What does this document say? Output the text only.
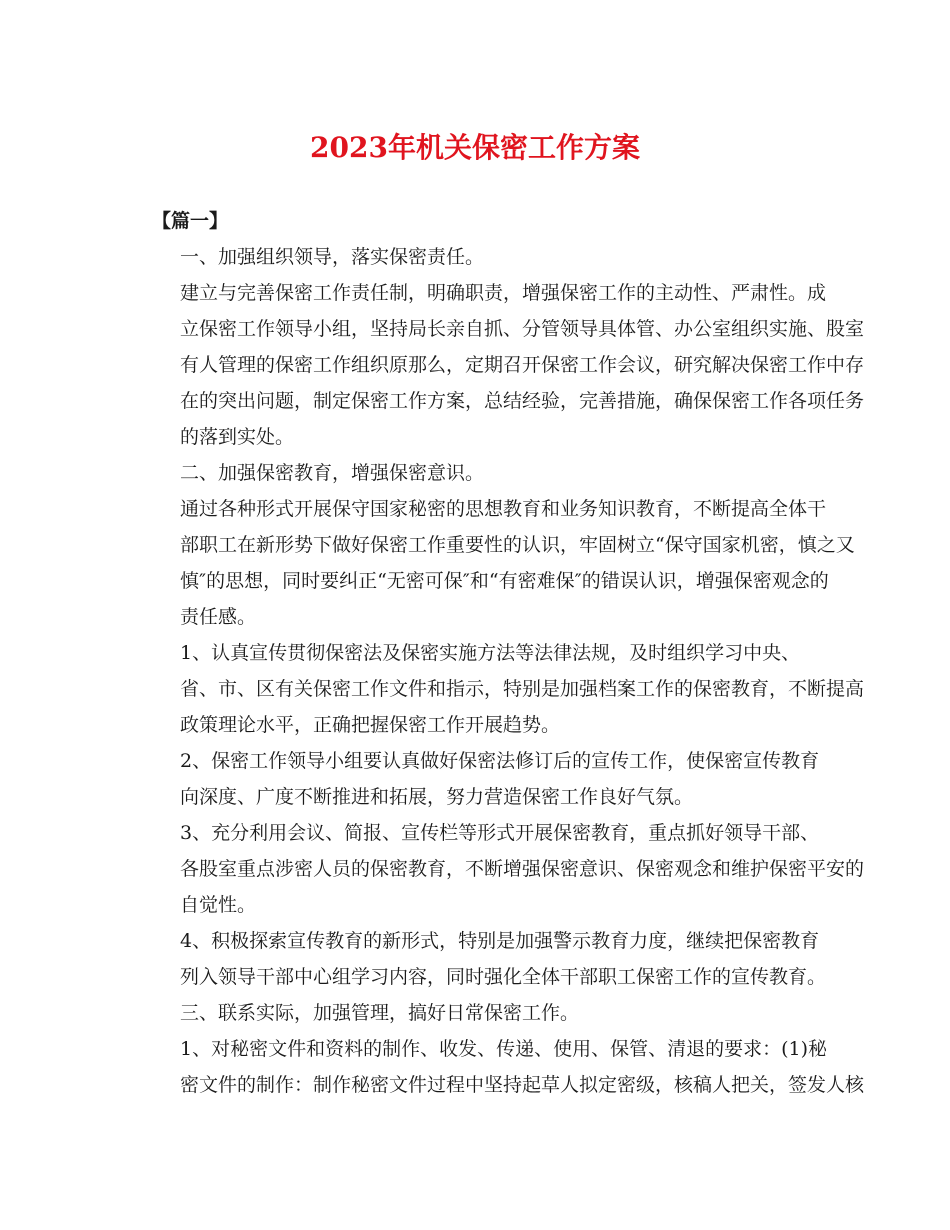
2023年机关保密工作方案

【篇一】

一、加强组织领导，落实保密责任。

建立与完善保密工作责任制，明确职责，增强保密工作的主动性、严肃性。成
立保密工作领导小组，坚持局长亲自抓、分管领导具体管、办公室组织实施、股室
有人管理的保密工作组织原那么，定期召开保密工作会议，研究解决保密工作中存
在的突出问题，制定保密工作方案，总结经验，完善措施，确保保密工作各项任务
的落到实处。

二、加强保密教育，增强保密意识。

通过各种形式开展保守国家秘密的思想教育和业务知识教育，不断提高全体干
部职工在新形势下做好保密工作重要性的认识，牢固树立“保守国家机密，慎之又
慎″的思想，同时要纠正“无密可保″和“有密难保″的错误认识，增强保密观念的
责任感。

1、认真宣传贯彻保密法及保密实施方法等法律法规，及时组织学习中央、
省、市、区有关保密工作文件和指示，特别是加强档案工作的保密教育，不断提高
政策理论水平，正确把握保密工作开展趋势。

2、保密工作领导小组要认真做好保密法修订后的宣传工作，使保密宣传教育
向深度、广度不断推进和拓展，努力营造保密工作良好气氛。

3、充分利用会议、简报、宣传栏等形式开展保密教育，重点抓好领导干部、
各股室重点涉密人员的保密教育，不断增强保密意识、保密观念和维护保密平安的
自觉性。

4、积极探索宣传教育的新形式，特别是加强警示教育力度，继续把保密教育
列入领导干部中心组学习内容，同时强化全体干部职工保密工作的宣传教育。

三、联系实际，加强管理，搞好日常保密工作。

1、对秘密文件和资料的制作、收发、传递、使用、保管、清退的要求：(1)秘
密文件的制作：制作秘密文件过程中坚持起草人拟定密级，核稿人把关，签发人核
